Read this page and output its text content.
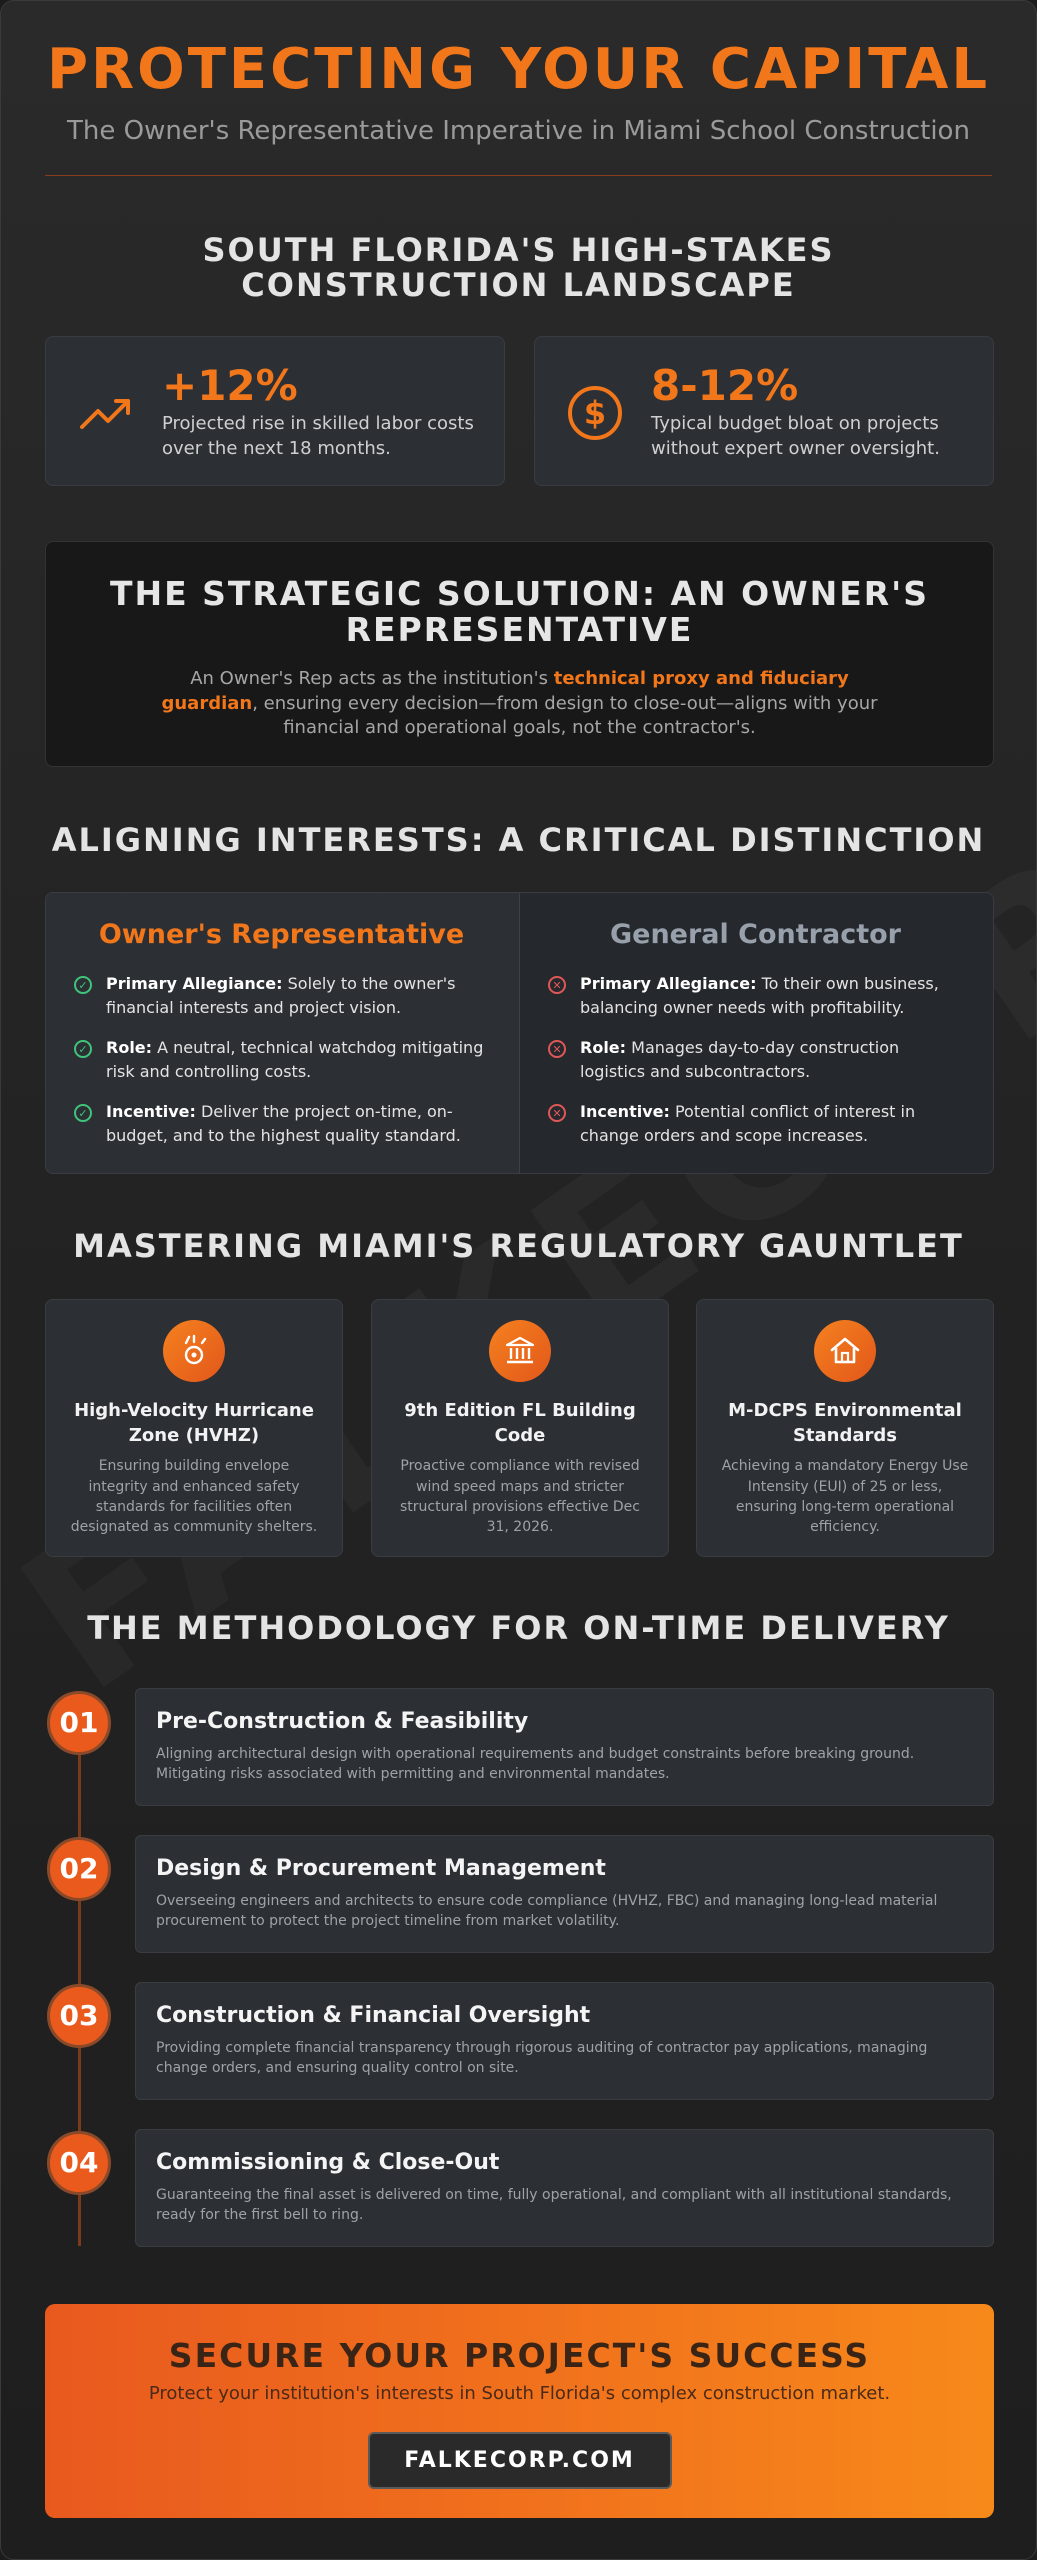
PROTECTING YOUR CAPITAL
The Owner's Representative Imperative in Miami School Construction
SOUTH FLORIDA'S HIGH-STAKES CONSTRUCTION LANDSCAPE
+12%
Projected rise in skilled labor costs over the next 18 months.
$
8-12%
Typical budget bloat on projects without expert owner oversight.
THE STRATEGIC SOLUTION: AN OWNER'S REPRESENTATIVE
An Owner's Rep acts as the institution's technical proxy and fiduciary guardian, ensuring every decision—from design to close-out—aligns with your financial and operational goals, not the contractor's.
ALIGNING INTERESTS: A CRITICAL DISTINCTION
Owner's Representative
✓ Primary Allegiance: Solely to the owner's financial interests and project vision.
✓ Role: A neutral, technical watchdog mitigating risk and controlling costs.
✓ Incentive: Deliver the project on-time, on-budget, and to the highest quality standard.
General Contractor
✕ Primary Allegiance: To their own business, balancing owner needs with profitability.
✕ Role: Manages day-to-day construction logistics and subcontractors.
✕ Incentive: Potential conflict of interest in change orders and scope increases.
MASTERING MIAMI'S REGULATORY GAUNTLET
High-Velocity Hurricane Zone (HVHZ)
Ensuring building envelope integrity and enhanced safety standards for facilities often designated as community shelters.
9th Edition FL Building Code
Proactive compliance with revised wind speed maps and stricter structural provisions effective Dec 31, 2026.
M-DCPS Environmental Standards
Achieving a mandatory Energy Use Intensity (EUI) of 25 or less, ensuring long-term operational efficiency.
THE METHODOLOGY FOR ON-TIME DELIVERY
01	Pre-Construction & Feasibility
Aligning architectural design with operational requirements and budget constraints before breaking ground. Mitigating risks associated with permitting and environmental mandates.
02	Design & Procurement Management
Overseeing engineers and architects to ensure code compliance (HVHZ, FBC) and managing long-lead material procurement to protect the project timeline from market volatility.
03	Construction & Financial Oversight
Providing complete financial transparency through rigorous auditing of contractor pay applications, managing change orders, and ensuring quality control on site.
04	Commissioning & Close-Out
Guaranteeing the final asset is delivered on time, fully operational, and compliant with all institutional standards, ready for the first bell to ring.
SECURE YOUR PROJECT'S SUCCESS
Protect your institution's interests in South Florida's complex construction market.
FALKECORP.COM
